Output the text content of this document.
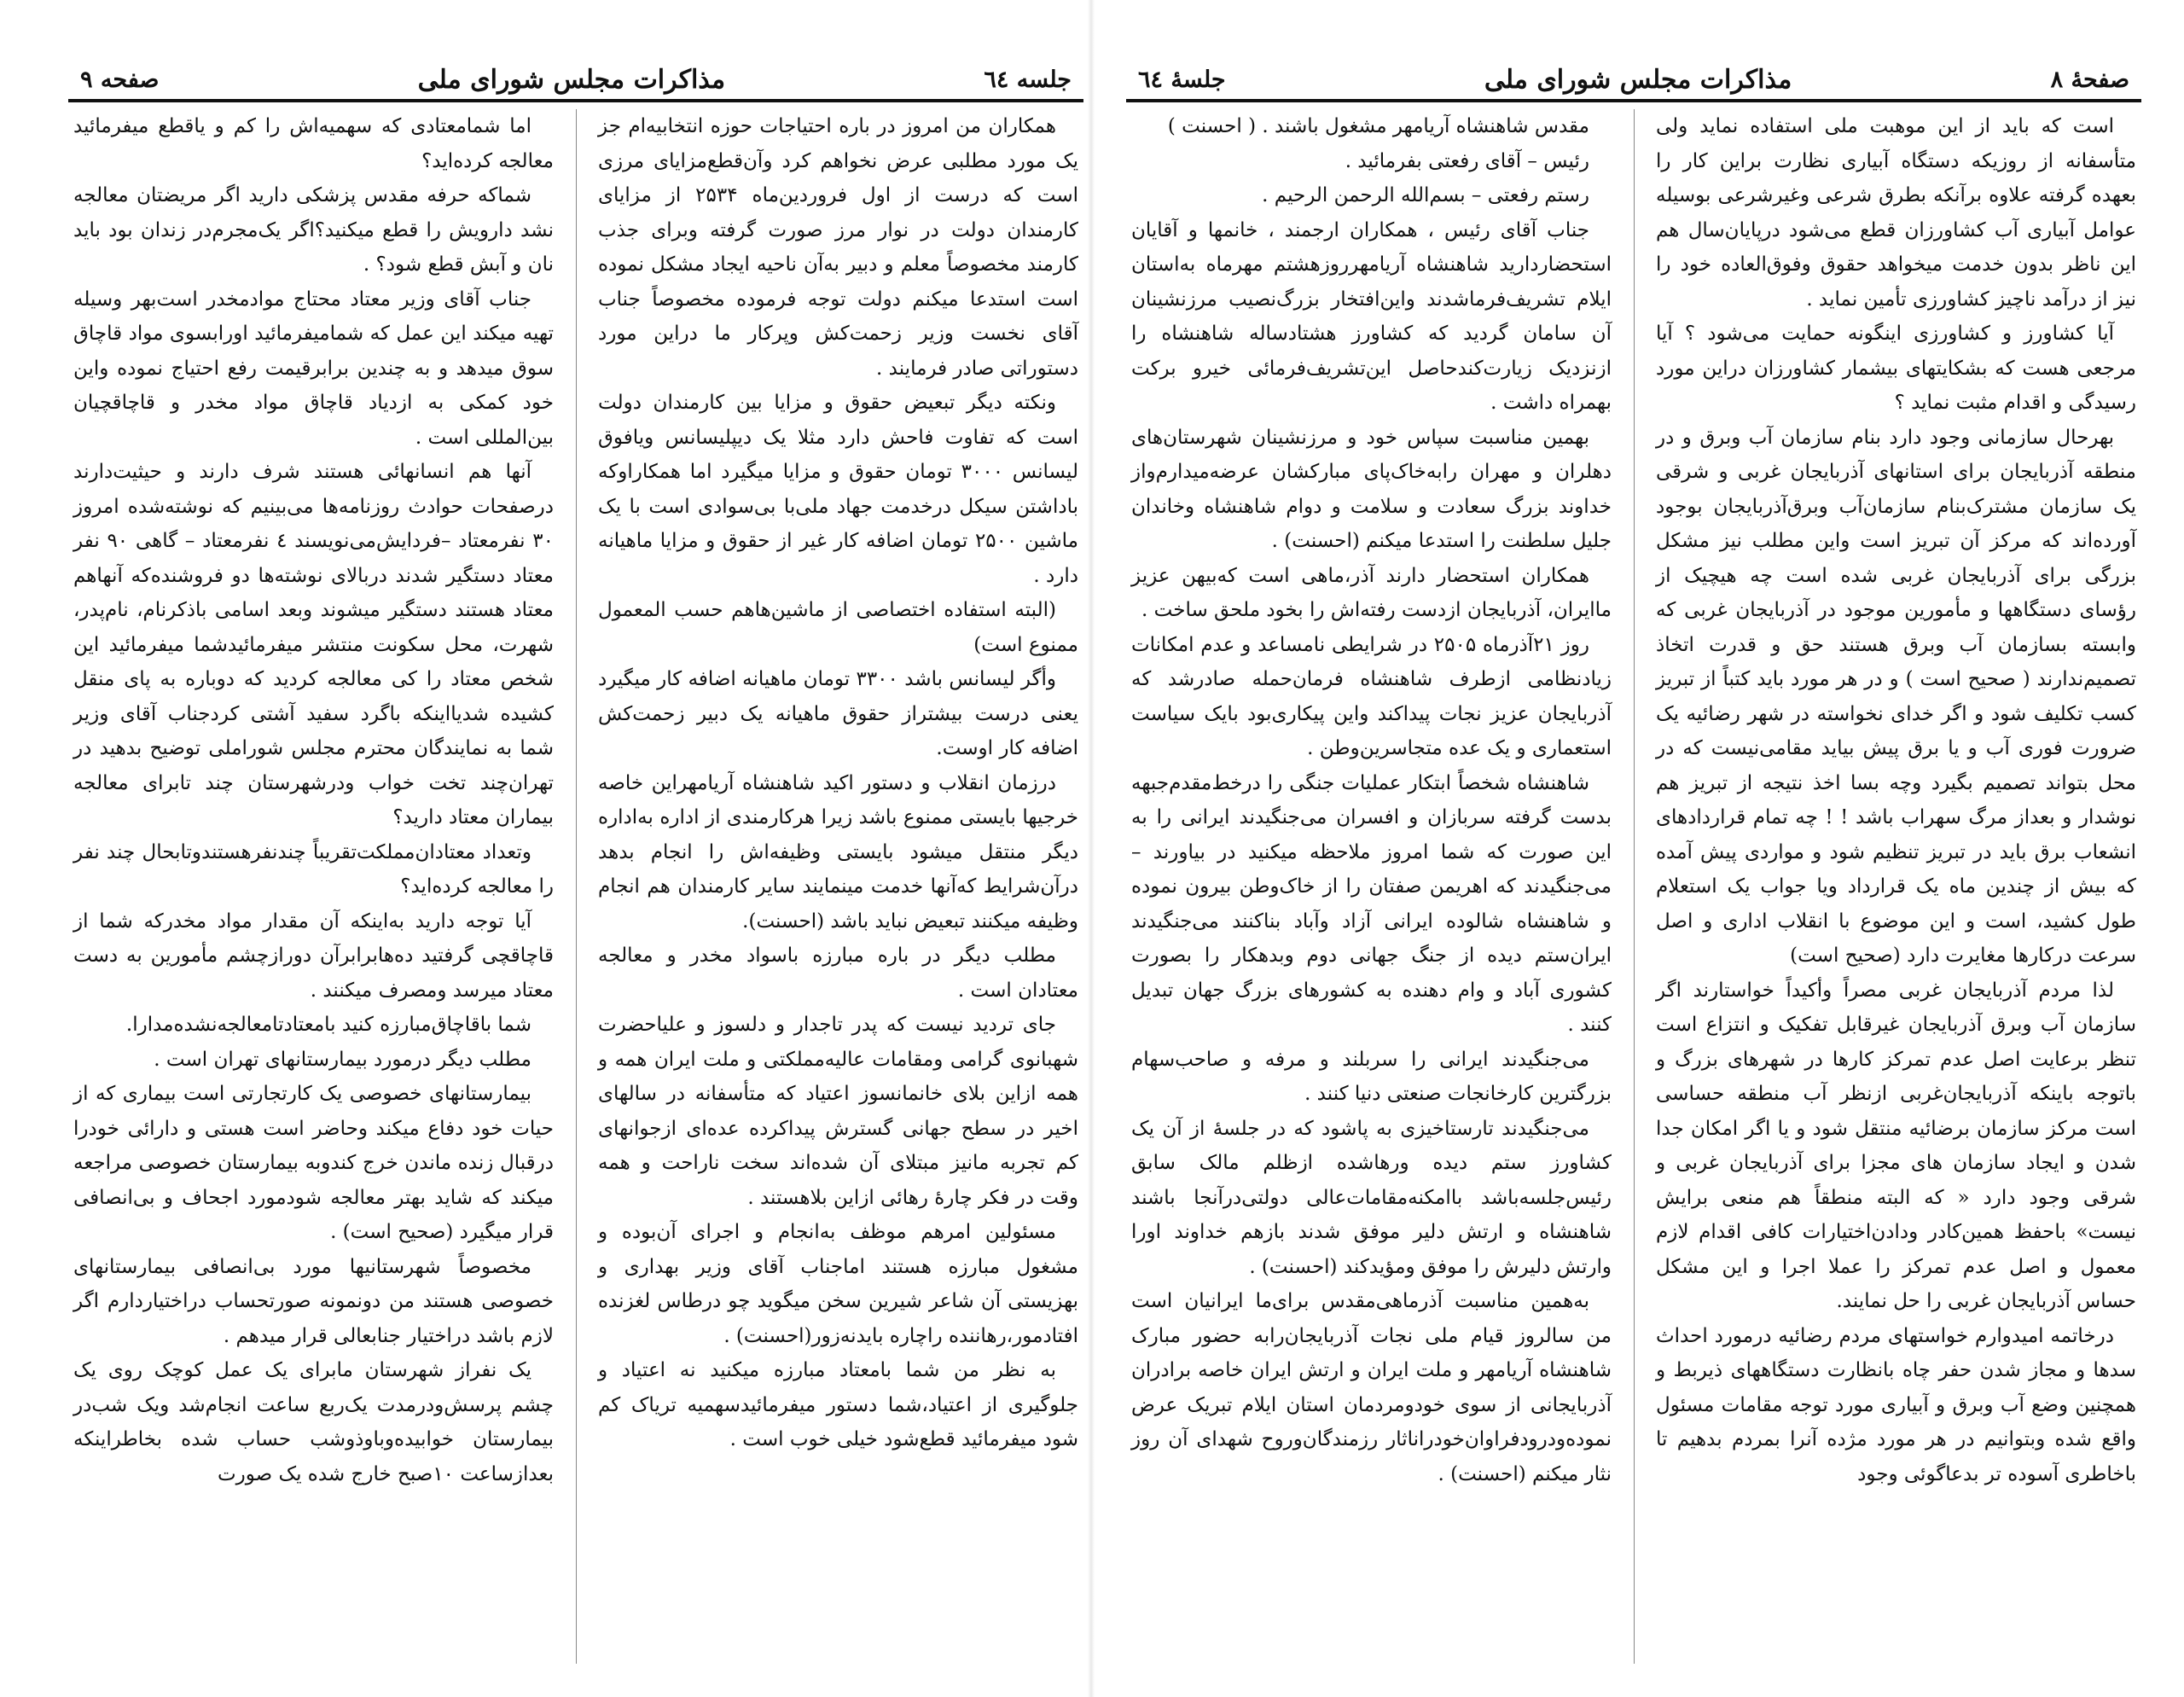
جلسه ٦٤
مذاکرات مجلس شورای ملی
صفحه ۹

همکاران من امروز در باره احتیاجات حوزه انتخابیه‌ام جز یک مورد مطلبی عرض نخواهم کرد وآن‌قطع‌مزایای مرزی است که درست از اول فروردین‌ماه ۲۵۳۴ از مزایای کارمندان دولت در نوار مرز صورت گرفته وبرای جذب کارمند مخصوصاً معلم و دبیر به‌آن ناحیه ایجاد مشکل نموده است استدعا میکنم دولت توجه فرموده مخصوصاً جناب آقای نخست وزیر زحمت‌کش وپرکار ما دراین مورد دستوراتی صادر فرمایند .

ونکته دیگر تبعیض حقوق و مزایا بین کارمندان دولت است که تفاوت فاحش دارد مثلا یک دیپلیسانس ویافوق لیسانس ۳۰۰۰ تومان حقوق و مزایا میگیرد اما همکاراوکه باداشتن سیکل درخدمت جهاد ملی‌با بی‌سوادی است با یک ماشین ۲۵۰۰ تومان اضافه کار غیر از حقوق و مزایا ماهیانه دارد .

(البته استفاده اختصاصی از ماشین‌هاهم حسب المعمول ممنوع است)

وأگر لیسانس باشد ۳۳۰۰ تومان ماهیانه اضافه کار میگیرد یعنی درست بیشتراز حقوق ماهیانه یک دبیر زحمت‌کش اضافه کار اوست.

درزمان انقلاب و دستور اکید شاهنشاه آریامهراین خاصه خرجیها بایستی ممنوع باشد زیرا هرکارمندی از اداره به‌اداره دیگر منتقل میشود بایستی وظیفه‌اش را انجام بدهد درآن‌شرایط که‌آنها خدمت مینمایند سایر کارمندان هم انجام وظیفه میکنند تبعیض نباید باشد (احسنت).

مطلب دیگر در باره مبارزه باسواد مخدر و معالجه معتادان است .

جای تردید نیست که پدر تاجدار و دلسوز و علیاحضرت شهبانوی گرامی ومقامات عالیه‌مملکتی و ملت ایران همه و همه ازاین بلای خانمانسوز اعتیاد که متأسفانه در سالهای اخیر در سطح جهانی گسترش پیداکرده عده‌ای ازجوانهای کم تجربه مانیز مبتلای آن شده‌اند سخت ناراحت و همه وقت در فکر چارهٔ رهائی ازاین بلاهستند .

مسئولین امرهم موظف به‌انجام و اجرای آن‌بوده و مشغول مبارزه هستند اماجناب آقای وزیر بهداری و بهزیستی آن شاعر شیرین سخن میگوید چو درطاس لغزنده افتادمور،رهاننده راچاره بایدنه‌زور(احسنت) .

به نظر من شما بامعتاد مبارزه میکنید نه اعتیاد و جلوگیری از اعتیاد،شما دستور میفرمائیدسهمیه تریاک کم شود میفرمائید قطع‌شود خیلی خوب است .

اما شمامعتادی که سهمیه‌اش را کم و یاقطع میفرمائید معالجه کرده‌اید؟

شماکه حرفه مقدس پزشکی دارید اگر مریضتان معالجه نشد دارویش را قطع میکنید؟اگر یک‌مجرم‌در زندان بود باید نان و آبش قطع شود؟ .

جناب آقای وزیر معتاد محتاج موادمخدر است‌بهر وسیله تهیه میکند این عمل که شمامیفرمائید اورابسوی مواد قاچاق سوق میدهد و به چندین برابرقیمت رفع احتیاج نموده واین خود کمکی به ازدیاد قاچاق مواد مخدر و قاچاقچیان بین‌المللی است .

آنها هم انسانهائی هستند شرف دارند و حیثیت‌دارند درصفحات حوادث روزنامه‌ها می‌بینیم که نوشته‌شده امروز ۳۰ نفرمعتاد –فردایش‌می‌نویسند ٤ نفرمعتاد – گاهی ۹۰ نفر معتاد دستگیر شدند دربالای نوشته‌ها دو فروشنده‌که آنهاهم معتاد هستند دستگیر میشوند وبعد اسامی باذکرنام، نام‌پدر، شهرت، محل سکونت منتشر میفرمائیدشما میفرمائید این شخص معتاد را کی معالجه کردید که دوباره به پای منقل کشیده شدیااینکه باگرد سفید آشتی کردجناب آقای وزیر شما به نمایندگان محترم مجلس شوراملی توضیح بدهید در تهران‌چند تخت خواب ودرشهرستان چند تابرای معالجه بیماران معتاد دارید؟

وتعداد معتادان‌مملکت‌تقریباً چندنفرهستندوتابحال چند نفر را معالجه کرده‌اید؟

آیا توجه دارید به‌اینکه آن مقدار مواد مخدرکه شما از قاچاقچی گرفتید ده‌هابرابرآن دوراز‌چشم مأمورین به دست معتاد میرسد ومصرف میکنند .

شما باقاچاق‌مبارزه کنید بامعتادتامعالجه‌نشده‌مدارا.

مطلب دیگر درمورد بیمارستانهای تهران است .

بیمارستانهای خصوصی یک کارتجارتی است بیماری که از حیات خود دفاع میکند وحاضر است هستی و دارائی خودرا درقبال زنده ماندن خرج کندوبه بیمارستان خصوصی مراجعه میکند که شاید بهتر معالجه شودمورد اجحاف و بی‌انصافی قرار میگیرد (صحیح است) .

مخصوصاً شهرستانیها مورد بی‌انصافی بیمارستانهای خصوصی هستند من دونمونه صورتحساب دراختیاردارم اگر لازم باشد دراختیار جنابعالی قرار میدهم .

یک نفراز شهرستان مابرای یک عمل کوچک روی یک چشم پرسش‌ودرمدت یک‌ربع ساعت انجام‌شد ویک شب‌در بیمارستان خوابیده‌وباوذوشب حساب شده بخاطراینکه بعدازساعت ۱۰صبح خارج شده یک صورت

صفحهٔ ۸
مذاکرات مجلس شورای ملی
جلسهٔ ٦٤

است که باید از این موهبت ملی استفاده نماید ولی متأسفانه از روزیکه دستگاه آبیاری نظارت براین کار را بعهده گرفته علاوه برآنکه بطرق شرعی وغیرشرعی بوسیله عوامل آبیاری آب کشاورزان قطع می‌شود درپایان‌سال هم این ناظر بدون خدمت میخواهد حقوق وفوق‌العاده خود را نیز از درآمد ناچیز کشاورزی تأمین نماید .

آیا کشاورز و کشاورزی اینگونه حمایت می‌شود ؟ آیا مرجعی هست که بشکایتهای بیشمار کشاورزان دراین مورد رسیدگی و اقدام مثبت نماید ؟

بهرحال سازمانی وجود دارد بنام سازمان آب وبرق و در منطقه آذربایجان برای استانهای آذربایجان غربی و شرقی یک سازمان مشترک‌بنام سازمان‌آب وبرق‌آذربایجان بوجود آورده‌اند که مرکز آن تبریز است واین مطلب نیز مشکل بزرگی برای آذربایجان غربی شده است چه هیچیک از رؤسای دستگاهها و مأمورین موجود در آذربایجان غربی که وابسته بسازمان آب وبرق هستند حق و قدرت اتخاذ تصمیم‌ندارند ( صحیح است ) و در هر مورد باید کتباً از تبریز کسب تکلیف شود و اگر خدای نخواسته در شهر رضائیه یک ضرورت فوری آب و یا برق پیش بیاید مقامی‌نیست که در محل بتواند تصمیم بگیرد وچه بسا اخذ نتیجه از تبریز هم نوشدار و بعداز مرگ سهراب باشد ! ! چه تمام قراردادهای انشعاب برق باید در تبریز تنظیم شود و مواردی پیش آمده که بیش از چندین ماه یک قرارداد ویا جواب یک استعلام طول کشید، است و این موضوع با انقلاب اداری و اصل سرعت درکارها مغایرت دارد (صحیح است)

لذا مردم آذربایجان غربی مصراً وأکیداً خواستارند اگر سازمان آب وبرق آذربایجان غیرقابل تفکیک و انتزاع است تنظر برعایت اصل عدم تمرکز کارها در شهرهای بزرگ و باتوجه باینکه آذربایجان‌غربی ازنظر آب منطقه حساسی است مرکز سازمان برضائیه منتقل شود و یا اگر امکان جدا شدن و ایجاد سازمان های مجزا برای آذربایجان غربی و شرقی وجود دارد « که البته منطقاً هم منعی برایش نیست» باحفظ همین‌کادر ودادن‌اختیارات کافی اقدام لازم معمول و اصل عدم تمرکز را عملا اجرا و این مشکل حساس آذربایجان غربی را حل نمایند.

درخاتمه امیدوارم خواستهای مردم رضائیه درمورد احداث سدها و مجاز شدن حفر چاه بانظارت دستگاههای ذیربط و همچنین وضع آب وبرق و آبیاری مورد توجه مقامات مسئول واقع شده وبتوانیم در هر مورد مژده آنرا بمردم بدهیم تا باخاطری آسوده تر بدعاگوئی وجود

مقدس شاهنشاه آریامهر مشغول باشند . ( احسنت )

رئیس – آقای رفعتی بفرمائید .

رستم رفعتی – بسم‌الله الرحمن الرحیم .

جناب آقای رئیس ، همکاران ارجمند ، خانمها و آقایان استحضاردارید شاهنشاه آریامهرروزهشتم مهرماه به‌استان ایلام تشریف‌فرماشدند واین‌افتخار بزرگ‌نصیب مرزنشینان آن سامان گردید که کشاورز هشتادساله شاهنشاه را ازنزدیک زیارت‌کندحاصل این‌تشریف‌فرمائی خیرو برکت بهمراه داشت .

بهمین مناسبت سپاس خود و مرزنشینان شهرستان‌های دهلران و مهران رابه‌خاک‌پای مبارکشان عرضه‌میدارم‌واز خداوند بزرگ سعادت و سلامت و دوام شاهنشاه وخاندان جلیل سلطنت را استدعا میکنم (احسنت) .

همکاران استحضار دارند آذر،ماهی است که‌بیهن عزیز ماایران، آذربایجان ازدست رفته‌اش را بخود ملحق ساخت .

روز ۲۱آذرماه ۲۵۰۵ در شرایطی نامساعد و عدم امکانات زیادنظامی ازطرف شاهنشاه فرمان‌حمله صادرشد که آذربایجان عزیز نجات پیداکند واین پیکاری‌بود بایک سیاست استعماری و یک عده متجاسرین‌وطن .

شاهنشاه شخصاً ابتکار عملیات جنگی را درخط‌مقدم‌جبهه بدست گرفته سربازان و افسران می‌جنگیدند ایرانی را به این صورت که شما امروز ملاحظه میکنید در بیاورند – می‌جنگیدند که اهریمن صفتان را از خاک‌وطن بیرون نموده و شاهنشاه شالوده ایرانی آزاد وآباد بنا‌کنند می‌جنگیدند ایران‌ستم دیده از جنگ جهانی دوم وبدهکار را بصورت کشوری آباد و وام دهنده به کشورهای بزرگ جهان تبدیل کنند .

می‌جنگیدند ایرانی را سربلند و مرفه و صاحب‌سهام بزرگترین کارخانجات صنعتی دنیا کنند .

می‌جنگیدند تارستاخیزی به پاشود که در جلسهٔ از آن یک کشاورز ستم دیده ورهاشده ازظلم مالک سابق رئیس‌جلسه‌باشد باامکنه‌مقامات‌عالی دولتی‌درآنجا باشند شاهنشاه و ارتش دلیر موفق شدند بازهم خداوند اورا وارتش دلیرش را موفق ومؤیدکند (احسنت) .

به‌همین مناسبت آذرماهی‌مقدس برای‌ما ایرانیان است من سالروز قیام ملی نجات آذربایجان‌رابه حضور مبارک شاهنشاه آریامهر و ملت ایران و ارتش ایران خاصه برادران آذربایجانی از سوی خودومردمان استان ایلام تبریک عرض نموده‌ودرودفراوان‌خودراناثار رزمندگان‌وروح شهدای آن روز نثار میکنم (احسنت) .
